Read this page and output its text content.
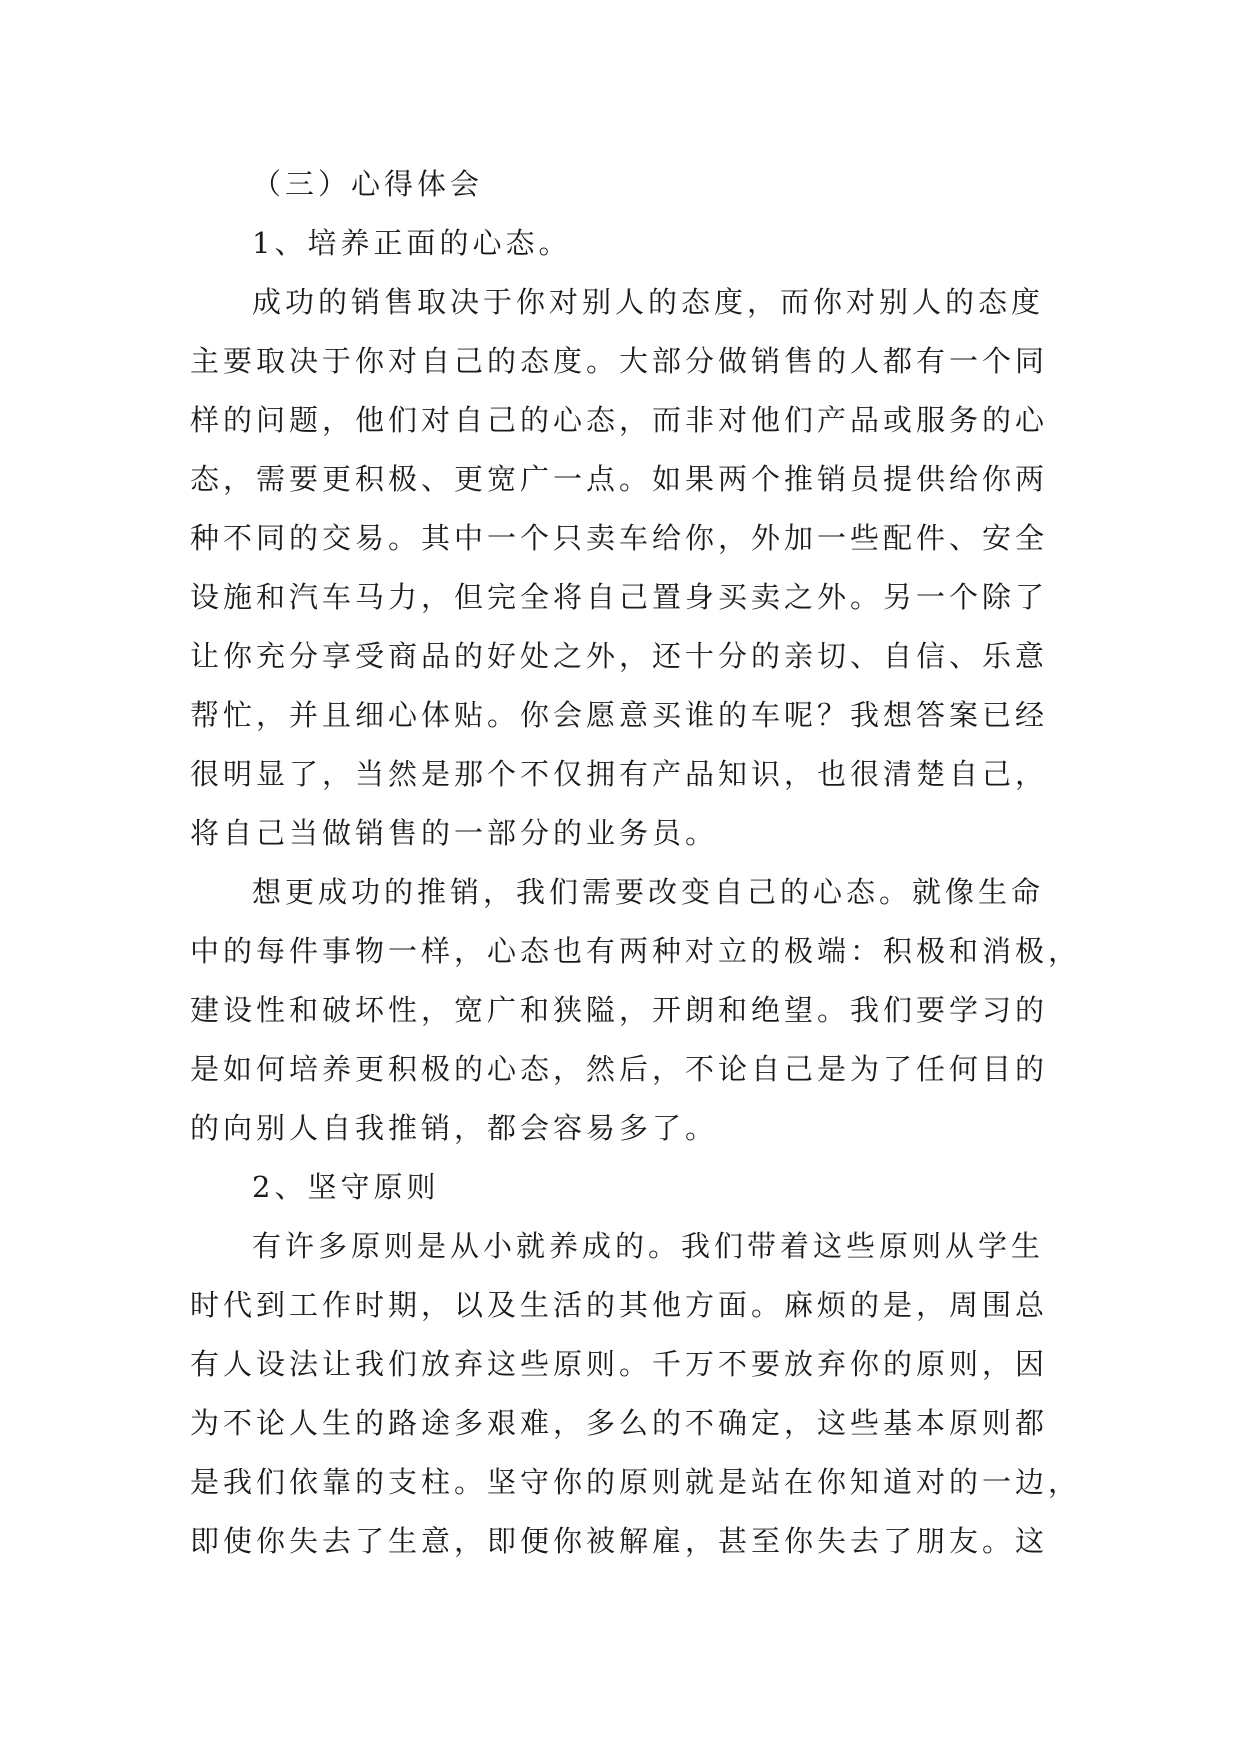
（三）心得体会
1、培养正面的心态。
成功的销售取决于你对别人的态度，而你对别人的态度
主要取决于你对自己的态度。大部分做销售的人都有一个同
样的问题，他们对自己的心态，而非对他们产品或服务的心
态，需要更积极、更宽广一点。如果两个推销员提供给你两
种不同的交易。其中一个只卖车给你，外加一些配件、安全
设施和汽车马力，但完全将自己置身买卖之外。另一个除了
让你充分享受商品的好处之外，还十分的亲切、自信、乐意
帮忙，并且细心体贴。你会愿意买谁的车呢？我想答案已经
很明显了，当然是那个不仅拥有产品知识，也很清楚自己，
将自己当做销售的一部分的业务员。
想更成功的推销，我们需要改变自己的心态。就像生命
中的每件事物一样，心态也有两种对立的极端：积极和消极，
建设性和破坏性，宽广和狭隘，开朗和绝望。我们要学习的
是如何培养更积极的心态，然后，不论自己是为了任何目的
的向别人自我推销，都会容易多了。
2、坚守原则
有许多原则是从小就养成的。我们带着这些原则从学生
时代到工作时期，以及生活的其他方面。麻烦的是，周围总
有人设法让我们放弃这些原则。千万不要放弃你的原则，因
为不论人生的路途多艰难，多么的不确定，这些基本原则都
是我们依靠的支柱。坚守你的原则就是站在你知道对的一边，
即使你失去了生意，即便你被解雇，甚至你失去了朋友。这
